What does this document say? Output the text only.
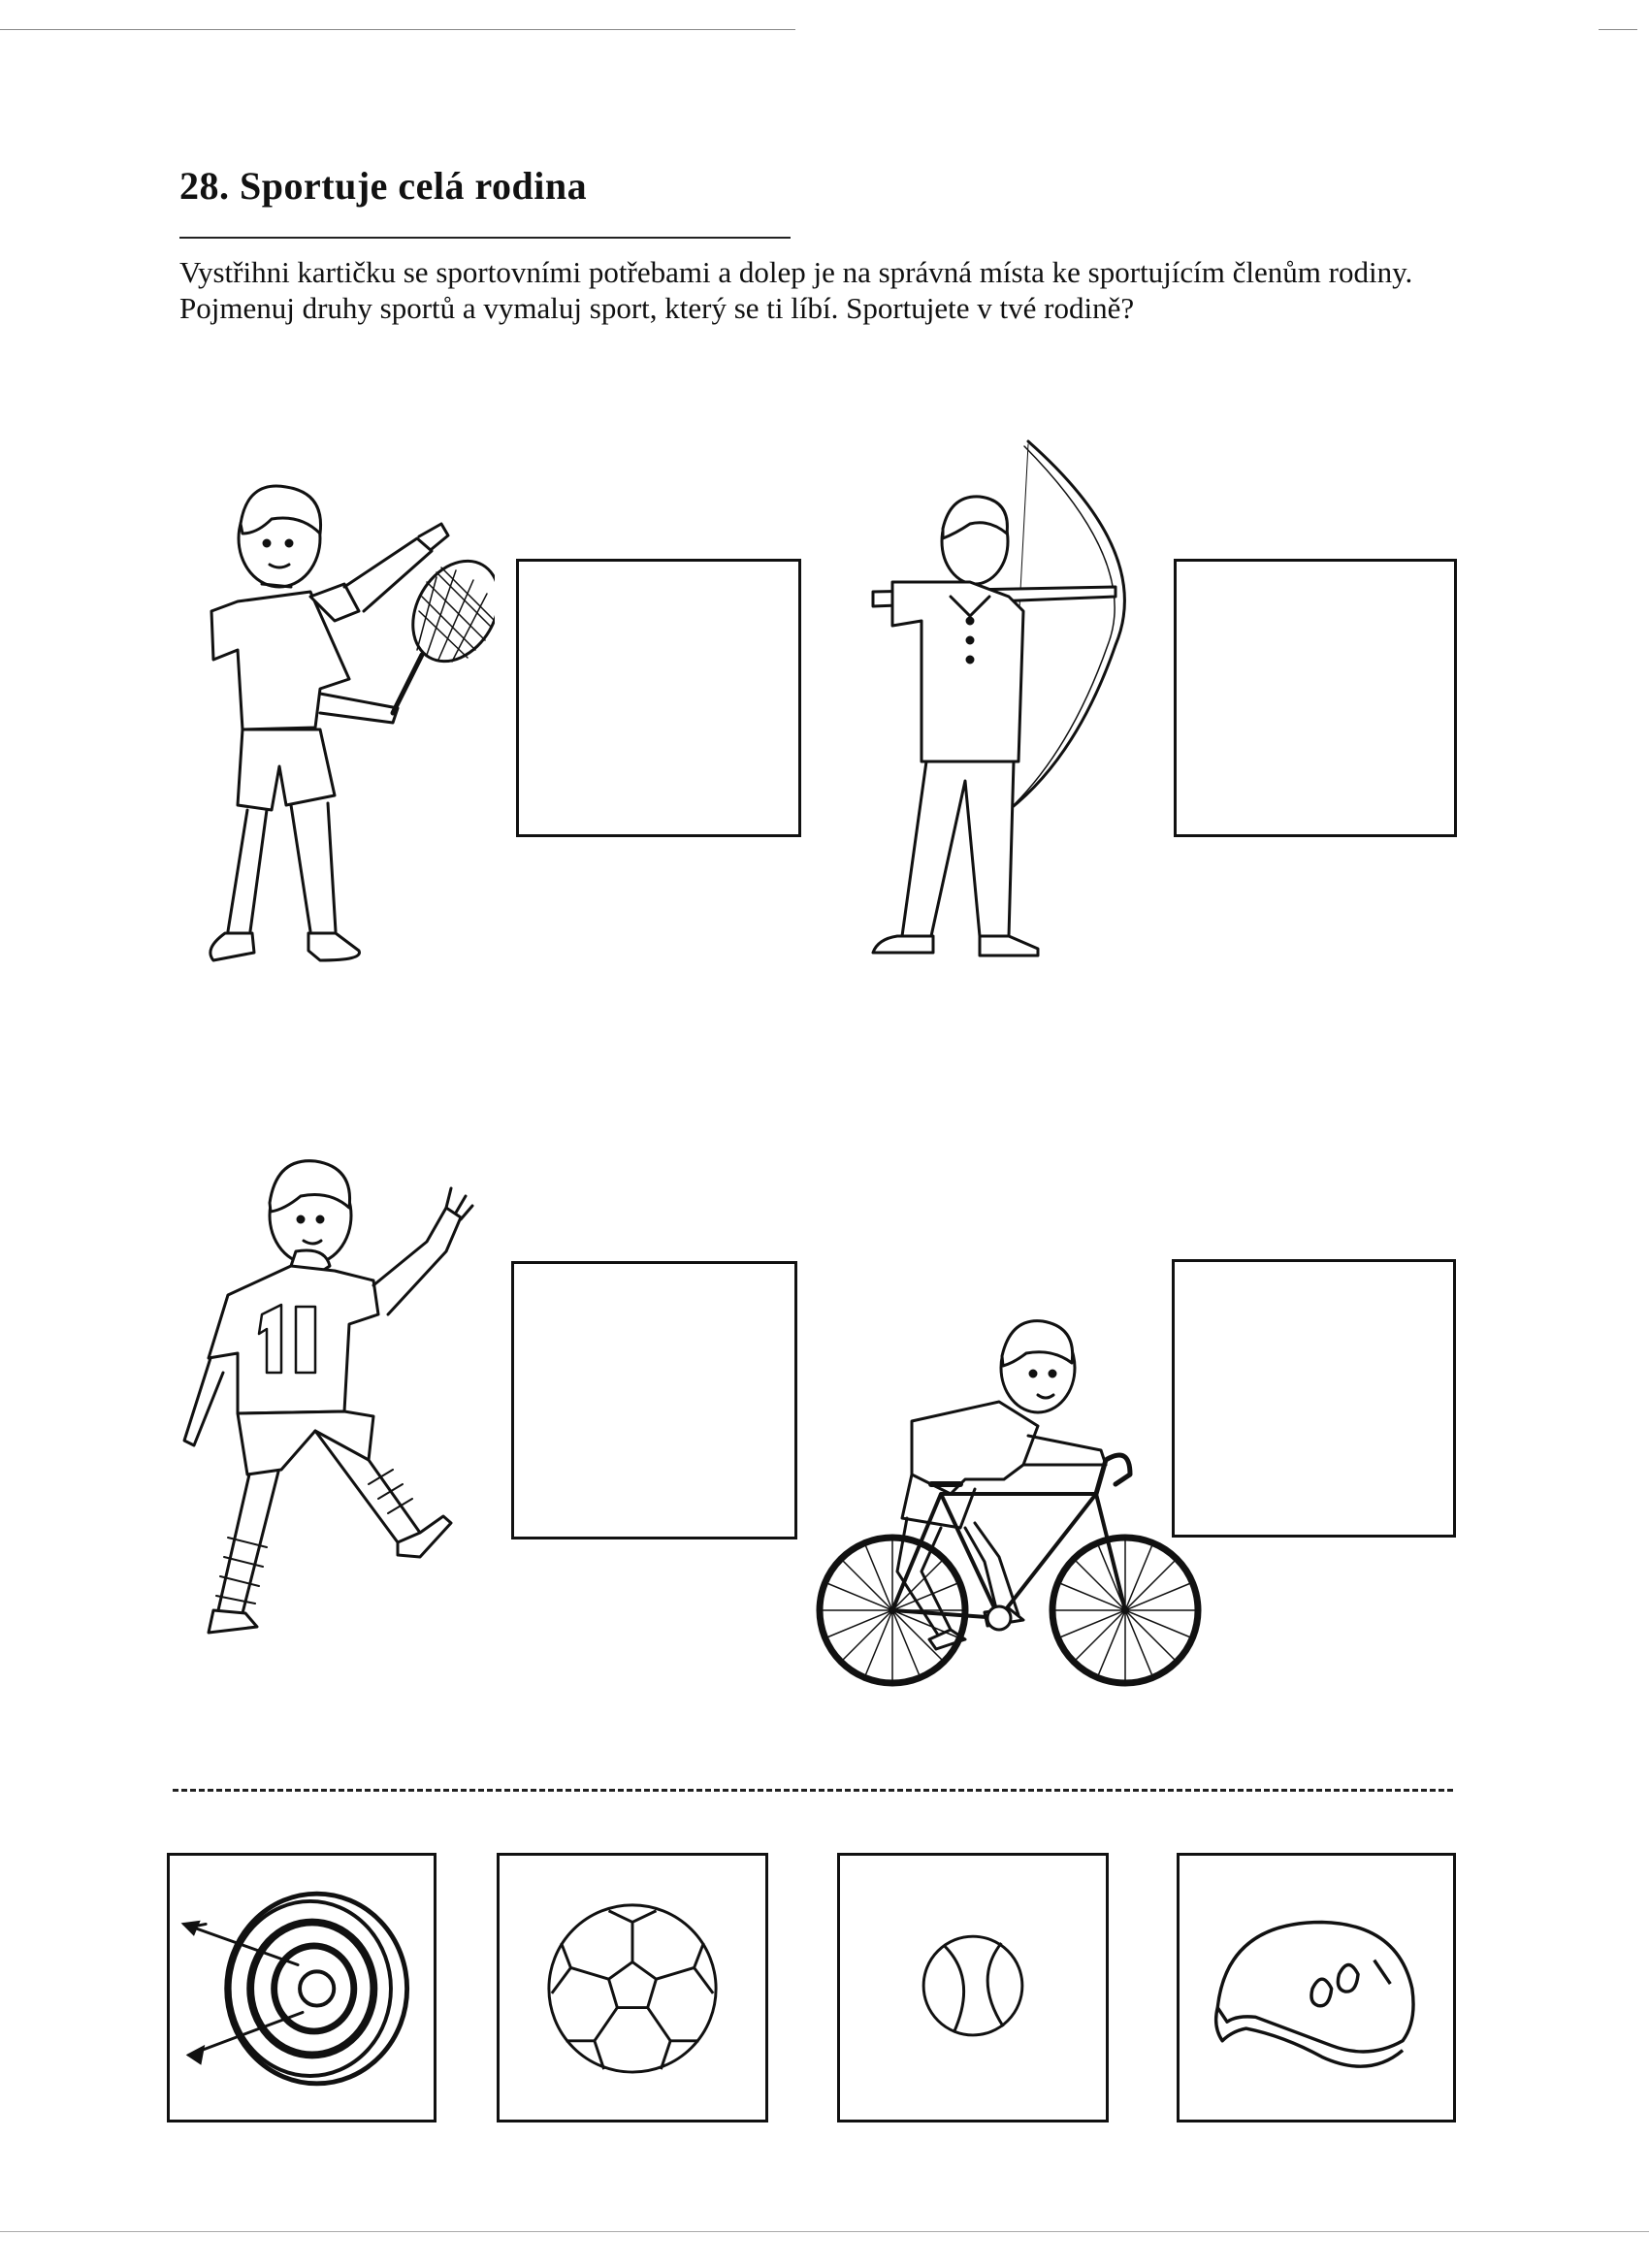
28. Sportuje celá rodina
Vystřihni kartičku se sportovními potřebami a dolep je na správná místa ke sportujícím členům rodiny. Pojmenuj druhy sportů a vymaluj sport, který se ti líbí. Sportujete v tvé rodině?
